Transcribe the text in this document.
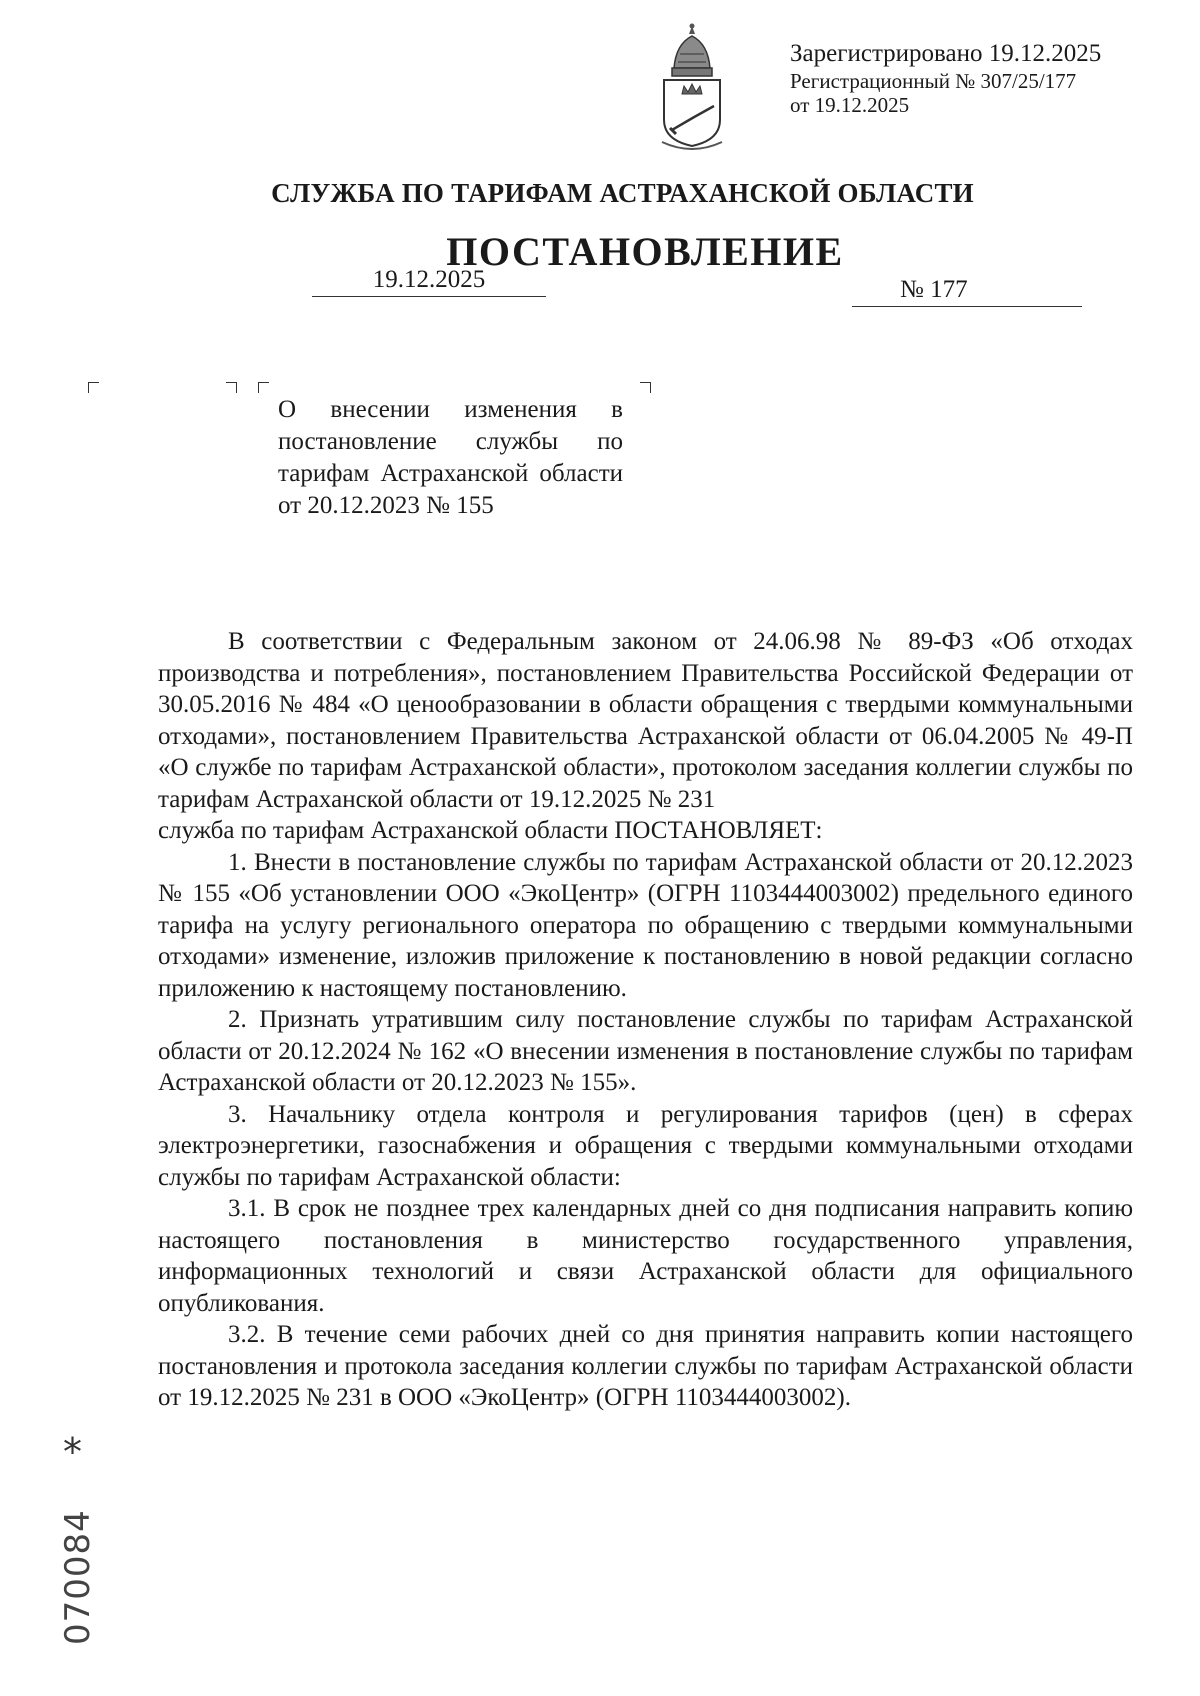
Зарегистрировано 19.12.2025
Регистрационный № 307/25/177
от 19.12.2025
СЛУЖБА ПО ТАРИФАМ АСТРАХАНСКОЙ ОБЛАСТИ
ПОСТАНОВЛЕНИЕ
19.12.2025	№ 177
О внесении изменения в постановление службы по тарифам Астраханской области от 20.12.2023 № 155

В соответствии с Федеральным законом от 24.06.98 № 89-ФЗ «Об отходах производства и потребления», постановлением Правительства Российской Федерации от 30.05.2016 № 484 «О ценообразовании в области обращения с твердыми коммунальными отходами», постановлением Правительства Астраханской области от 06.04.2005 № 49-П «О службе по тарифам Астраханской области», протоколом заседания коллегии службы по тарифам Астраханской области от 19.12.2025 № 231

служба по тарифам Астраханской области ПОСТАНОВЛЯЕТ:

1. Внести в постановление службы по тарифам Астраханской области от 20.12.2023 № 155 «Об установлении ООО «ЭкоЦентр» (ОГРН 1103444003002) предельного единого тарифа на услугу регионального оператора по обращению с твердыми коммунальными отходами» изменение, изложив приложение к постановлению в новой редакции согласно приложению к настоящему постановлению.

2. Признать утратившим силу постановление службы по тарифам Астраханской области от 20.12.2024 № 162 «О внесении изменения в постановление службы по тарифам Астраханской области от 20.12.2023 № 155».

3. Начальнику отдела контроля и регулирования тарифов (цен) в сферах электроэнергетики, газоснабжения и обращения с твердыми коммунальными отходами службы по тарифам Астраханской области:

3.1. В срок не позднее трех календарных дней со дня подписания направить копию настоящего постановления в министерство государственного управления, информационных технологий и связи Астраханской области для официального опубликования.

3.2. В течение семи рабочих дней со дня принятия направить копии настоящего постановления и протокола заседания коллегии службы по тарифам Астраханской области от 19.12.2025 № 231 в ООО «ЭкоЦентр» (ОГРН 1103444003002).

*
070084
